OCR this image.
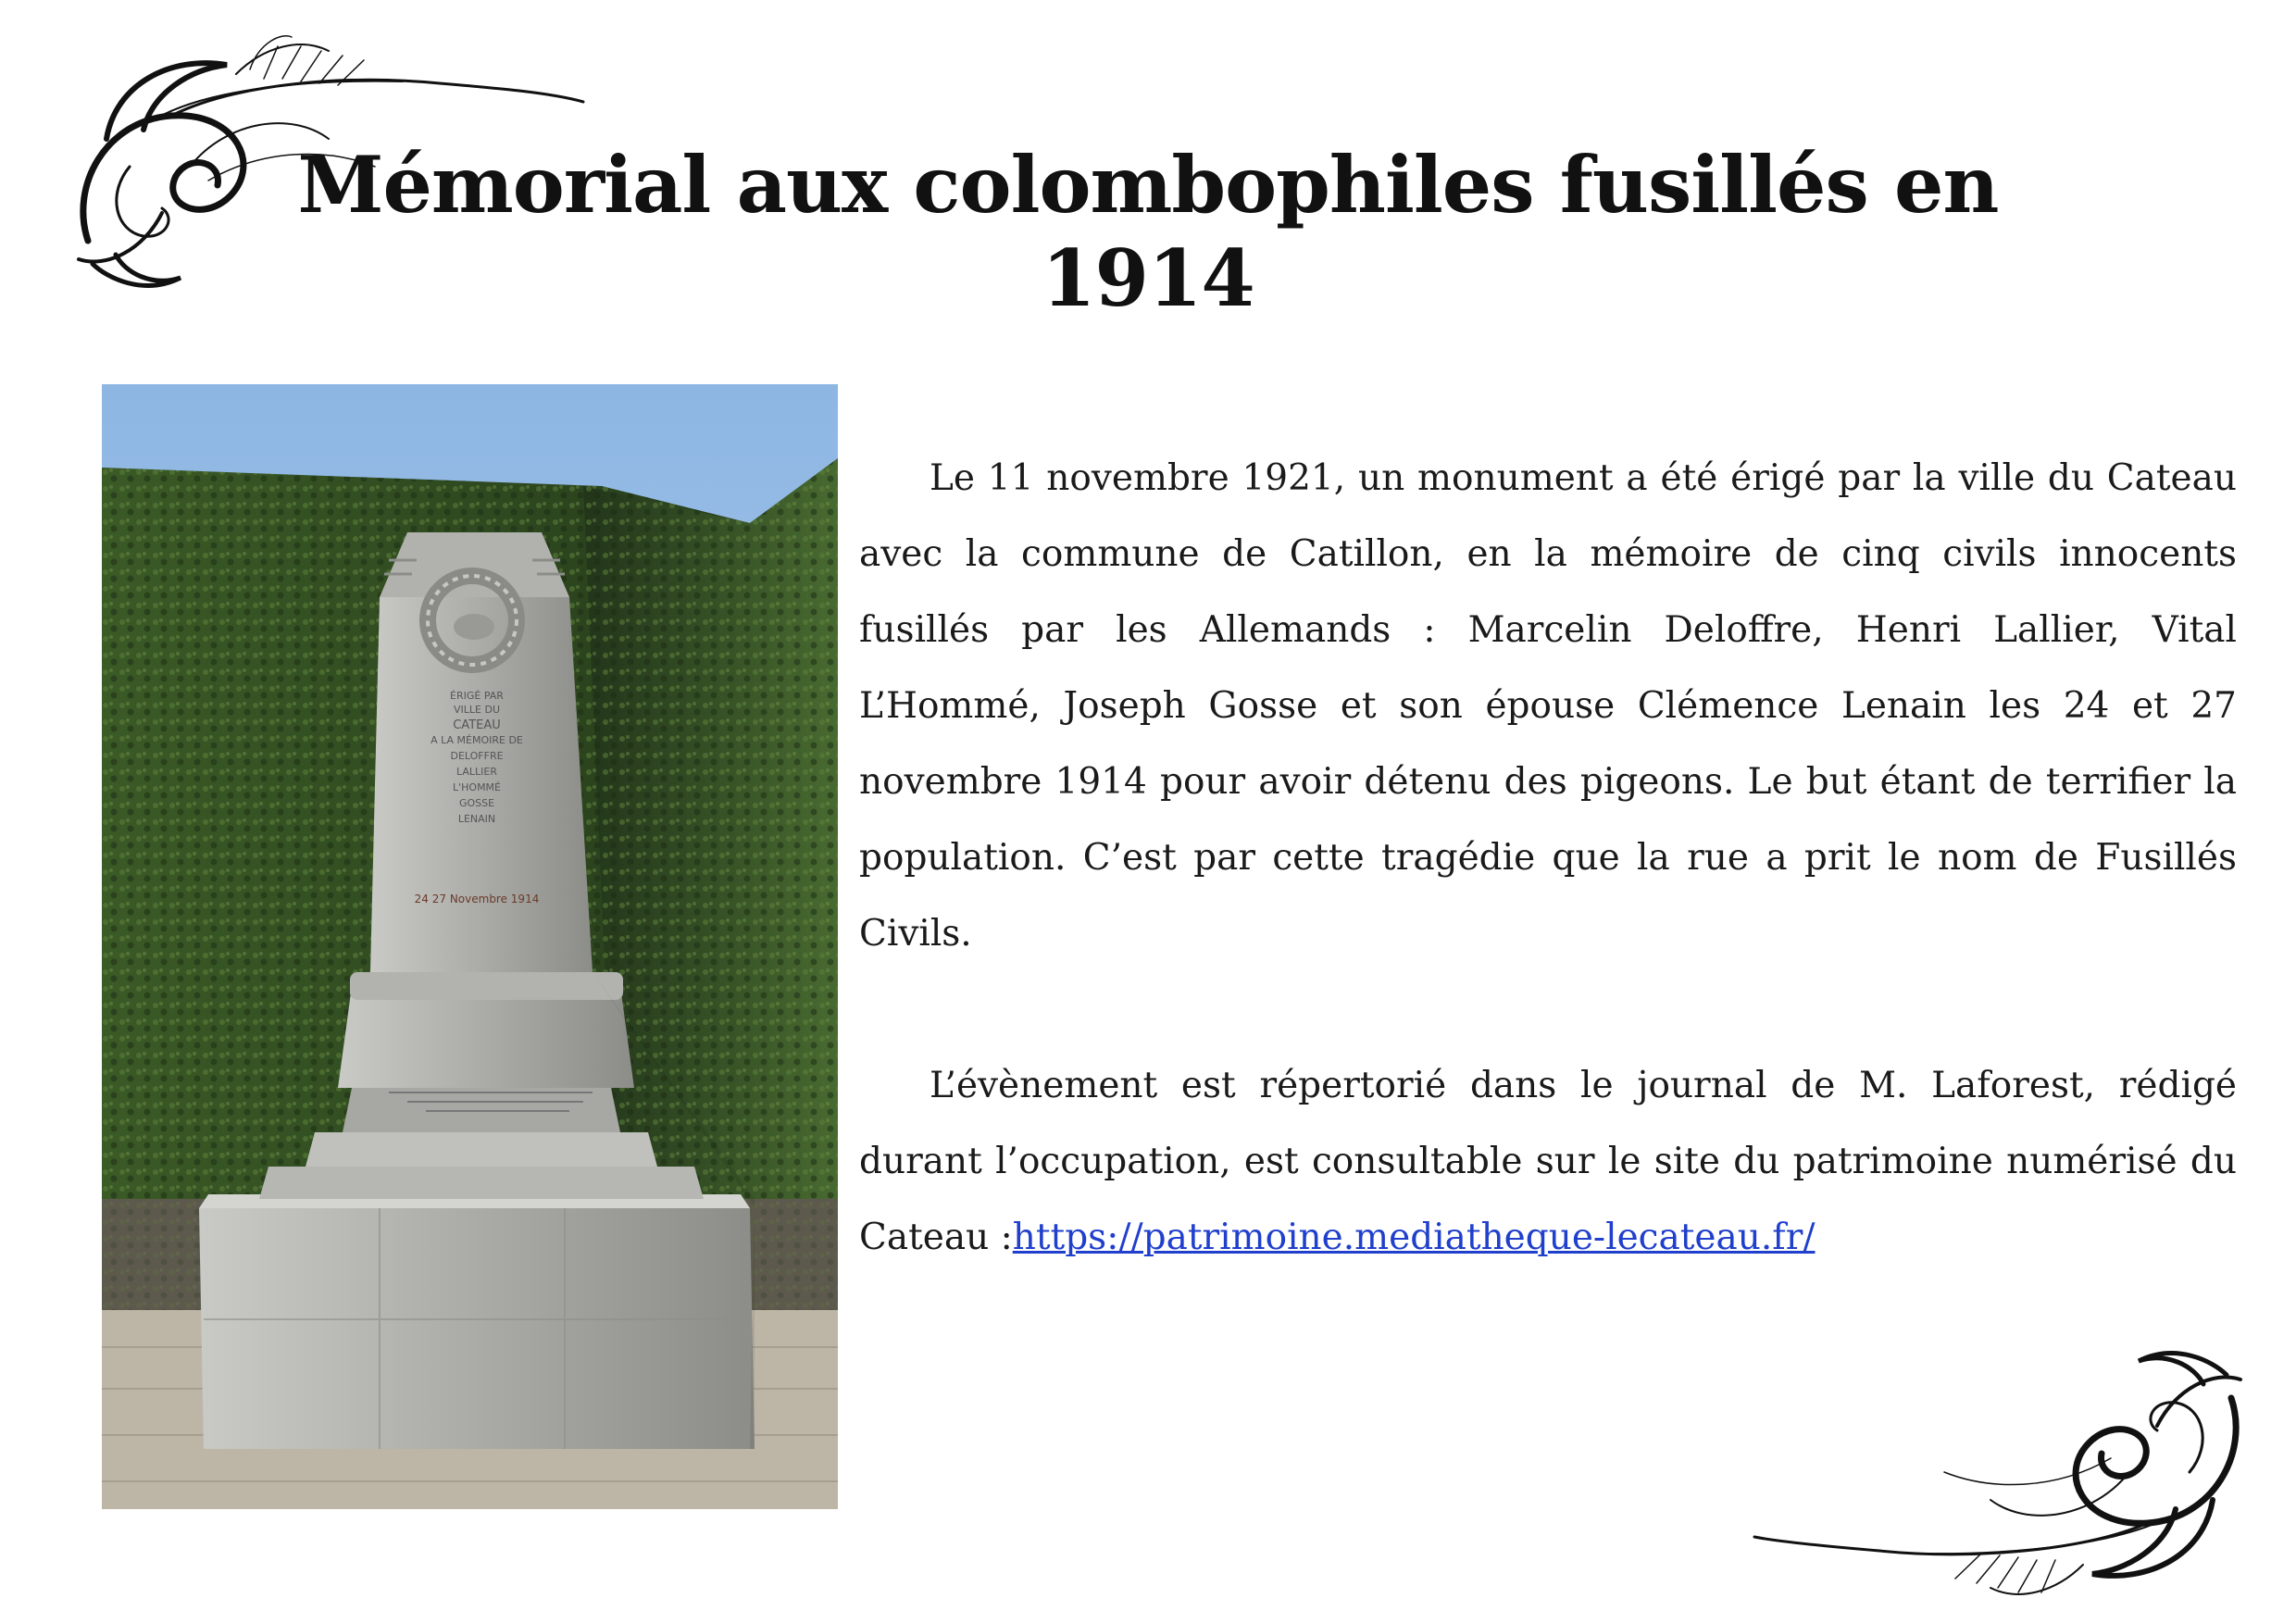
Mémorial aux colombophiles fusillés en 1914
ÉRIGÉ PAR
VILLE DU
CATEAU
A LA MÉMOIRE DE
DELOFFRE
LALLIER
L'HOMMÉ
GOSSE
LENAIN
24 27 Novembre 1914

Le 11 novembre 1921, un monument a été érigé par la ville du Cateau avec la commune de Catillon, en la mémoire de cinq civils innocents fusillés par les Allemands : Marcelin Deloffre, Henri Lallier, Vital L’Hommé, Joseph Gosse et son épouse Clémence Lenain les 24 et 27 novembre 1914 pour avoir détenu des pigeons. Le but étant de terrifier la population. C’est par cette tragédie que la rue a prit le nom de Fusillés Civils.

L’évènement est répertorié dans le journal de M. Laforest, rédigé durant l’occupation, est consultable sur le site du patrimoine numérisé du Cateau :https://patrimoine.mediatheque-lecateau.fr/
